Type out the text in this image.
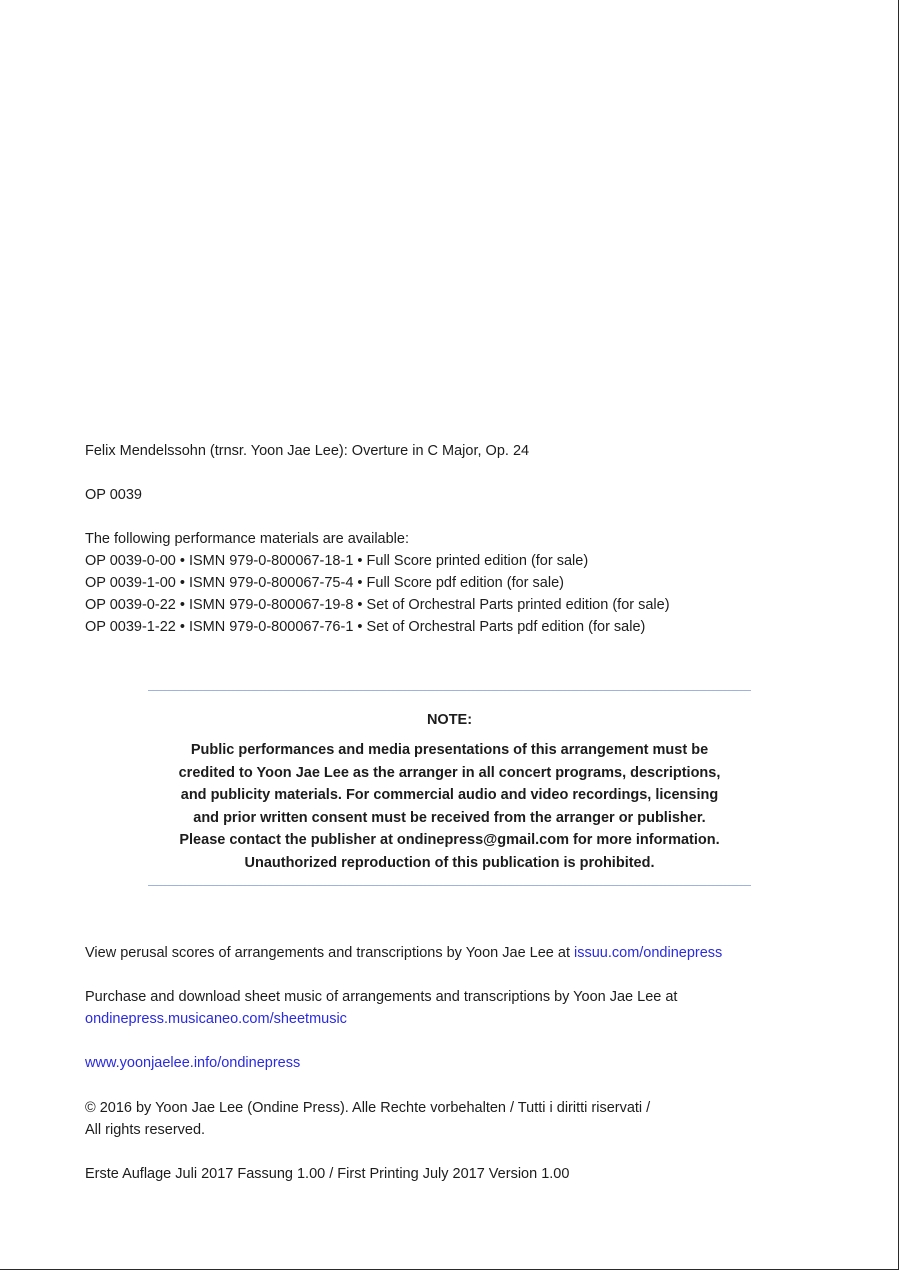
Felix Mendelssohn (trnsr. Yoon Jae Lee): Overture in C Major, Op. 24

OP 0039

The following performance materials are available:
OP 0039-0-00 • ISMN 979-0-800067-18-1 • Full Score printed edition (for sale)
OP 0039-1-00 • ISMN 979-0-800067-75-4 • Full Score pdf edition (for sale)
OP 0039-0-22 • ISMN 979-0-800067-19-8 • Set of Orchestral Parts printed edition (for sale)
OP 0039-1-22 • ISMN 979-0-800067-76-1 • Set of Orchestral Parts pdf edition (for sale)
NOTE:
Public performances and media presentations of this arrangement must be
credited to Yoon Jae Lee as the arranger in all concert programs, descriptions,
and publicity materials. For commercial audio and video recordings, licensing
and prior written consent must be received from the arranger or publisher.
Please contact the publisher at ondinepress@gmail.com for more information.
Unauthorized reproduction of this publication is prohibited.

View perusal scores of arrangements and transcriptions by Yoon Jae Lee at issuu.com/ondinepress

Purchase and download sheet music of arrangements and transcriptions by Yoon Jae Lee at
ondinepress.musicaneo.com/sheetmusic

www.yoonjaelee.info/ondinepress

© 2016 by Yoon Jae Lee (Ondine Press). Alle Rechte vorbehalten / Tutti i diritti riservati /
All rights reserved.

Erste Auflage Juli 2017 Fassung 1.00 / First Printing July 2017 Version 1.00
